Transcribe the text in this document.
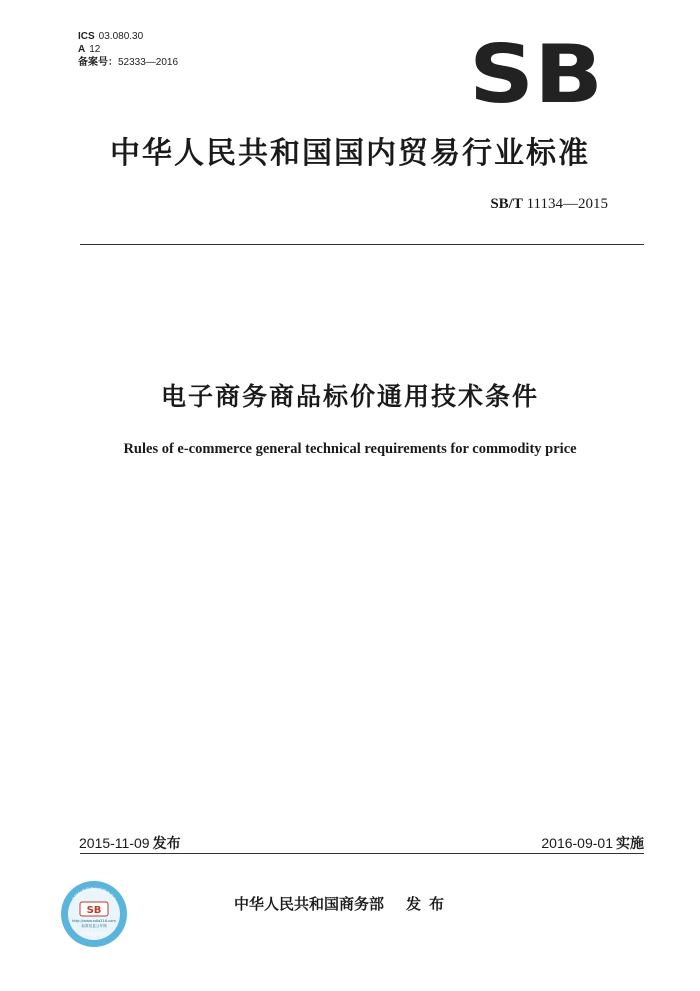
ICS 03.080.30
A 12
备案号：52333—2016	SB
中华人民共和国国内贸易行业标准
SB/T 11134—2015
电子商务商品标价通用技术条件
Rules of e-commerce general technical requirements for commodity price
2015-11-09 发布	2016-09-01 实施
中华人民共和国商务部 发布
全国标准信息公共服务平台
SB
http://www.sdia216.com
标准信息公开网
防伪查 真查伪
